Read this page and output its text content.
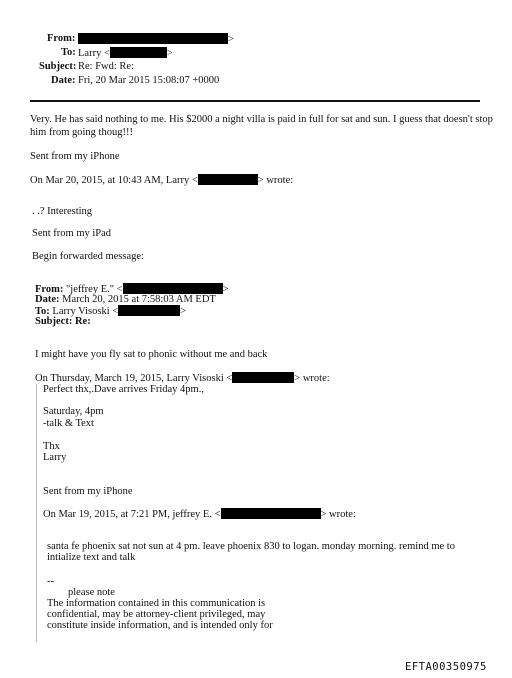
From:	>
To: Larry <	>
Subject: Re: Fwd: Re:
Date: Fri, 20 Mar 2015 15:08:07 +0000
Very. He has said nothing to me. His $2000 a night villa is paid in full for sat and sun. I guess that doesn't stop
him from going thoug!!!
Sent from my iPhone
On Mar 20, 2015, at 10:43 AM, Larry <	> wrote:
. .? Interesting
Sent from my iPad
Begin forwarded message:
From: "jeffrey E." <	>
Date: March 20, 2015 at 7:58:03 AM EDT
To: Larry Visoski <	>
Subject: Re:
I might have you fly sat to phonic without me and back
On Thursday, March 19, 2015, Larry Visoski <	> wrote:
Perfect thx,.Dave arrives Friday 4pm.,
Saturday, 4pm
-talk & Text
Thx
Larry
Sent from my iPhone
On Mar 19, 2015, at 7:21 PM, jeffrey E. <	> wrote:
santa fe phoenix sat not sun at 4 pm. leave phoenix 830 to logan. monday morning. remind me to
intialize text and talk
--
please note
The information contained in this communication is
confidential, may be attorney-client privileged, may
constitute inside information, and is intended only for
EFTA00350975
